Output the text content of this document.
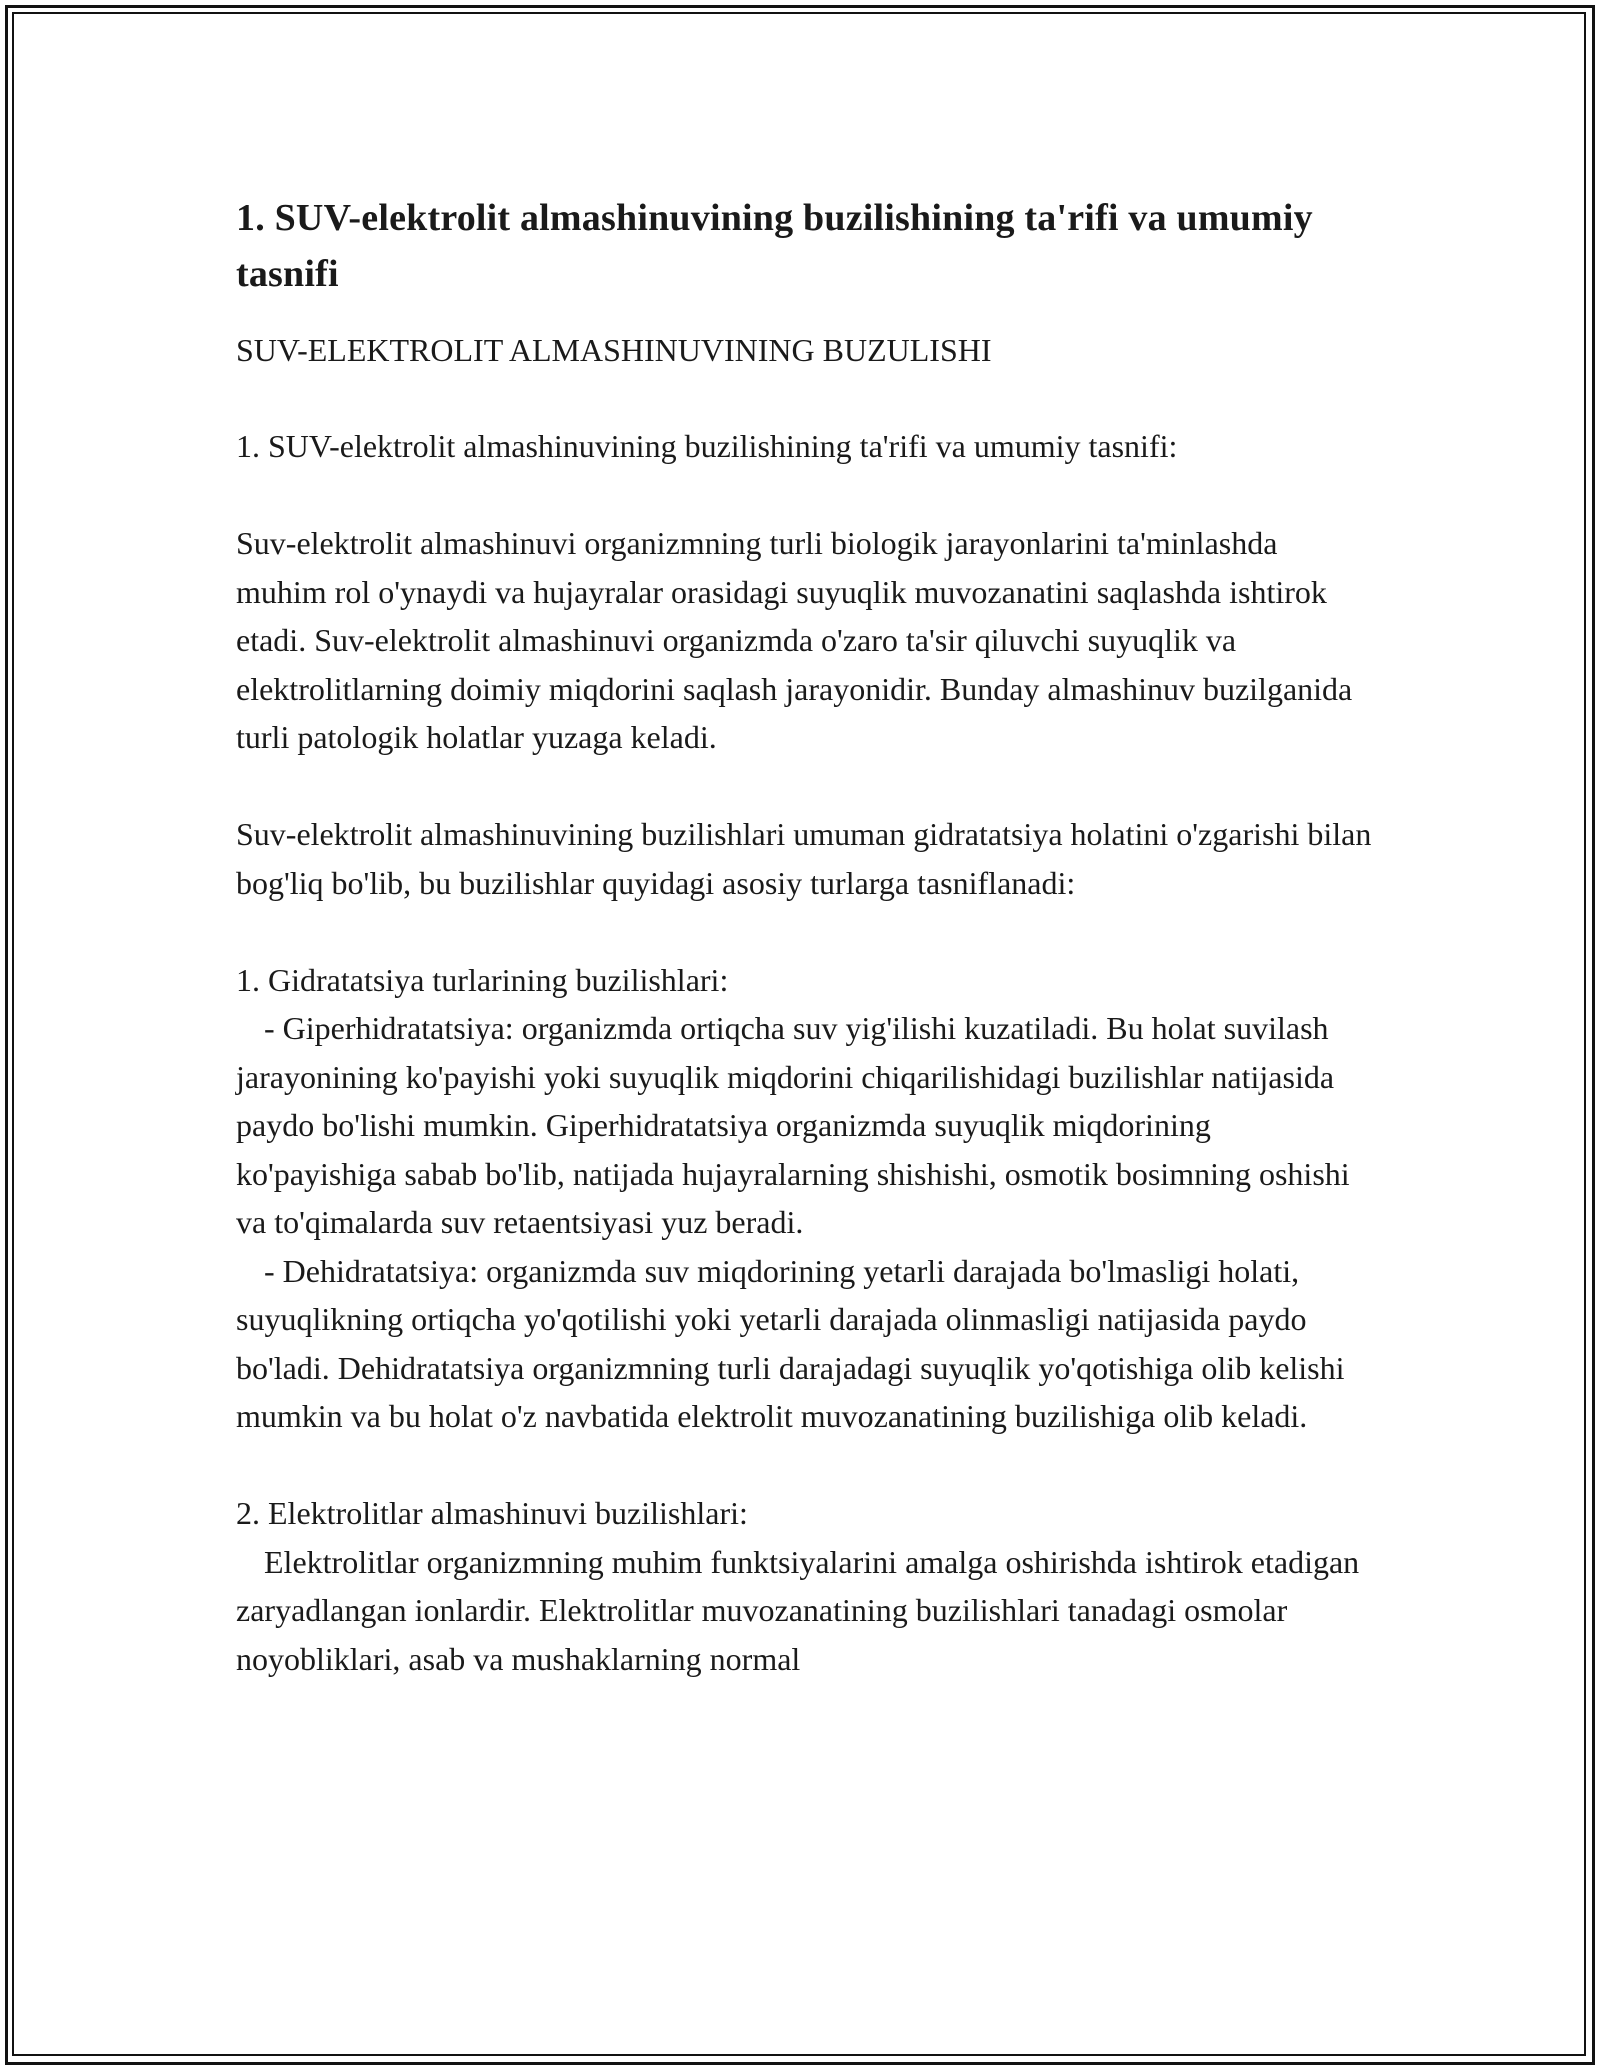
1. SUV-elektrolit almashinuvining buzilishining ta'rifi va umumiy tasnifi
SUV-ELEKTROLIT ALMASHINUVINING BUZULISHI
1. SUV-elektrolit almashinuvining buzilishining ta'rifi va umumiy tasnifi:
Suv-elektrolit almashinuvi organizmning turli biologik jarayonlarini ta'minlashda muhim rol o'ynaydi va hujayralar orasidagi suyuqlik muvozanatini saqlashda ishtirok etadi. Suv-elektrolit almashinuvi organizmda o'zaro ta'sir qiluvchi suyuqlik va elektrolitlarning doimiy miqdorini saqlash jarayonidir. Bunday almashinuv buzilganida turli patologik holatlar yuzaga keladi.
Suv-elektrolit almashinuvining buzilishlari umuman gidratatsiya holatini o'zgarishi bilan bog'liq bo'lib, bu buzilishlar quyidagi asosiy turlarga tasniflanadi:
1. Gidratatsiya turlarining buzilishlari:
- Giperhidratatsiya: organizmda ortiqcha suv yig'ilishi kuzatiladi. Bu holat suvilash jarayonining ko'payishi yoki suyuqlik miqdorini chiqarilishidagi buzilishlar natijasida paydo bo'lishi mumkin. Giperhidratatsiya organizmda suyuqlik miqdorining ko'payishiga sabab bo'lib, natijada hujayralarning shishishi, osmotik bosimning oshishi va to'qimalarda suv retaentsiyasi yuz beradi.
- Dehidratatsiya: organizmda suv miqdorining yetarli darajada bo'lmasligi holati, suyuqlikning ortiqcha yo'qotilishi yoki yetarli darajada olinmasligi natijasida paydo bo'ladi. Dehidratatsiya organizmning turli darajadagi suyuqlik yo'qotishiga olib kelishi mumkin va bu holat o'z navbatida elektrolit muvozanatining buzilishiga olib keladi.
2. Elektrolitlar almashinuvi buzilishlari:
Elektrolitlar organizmning muhim funktsiyalarini amalga oshirishda ishtirok etadigan zaryadlangan ionlardir. Elektrolitlar muvozanatining buzilishlari tanadagi osmolar noyobliklari, asab va mushaklarning normal
